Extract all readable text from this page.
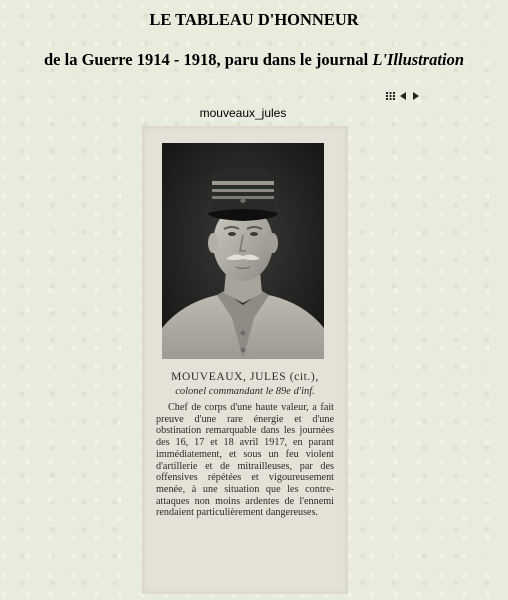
LE TABLEAU D'HONNEUR
de la Guerre 1914 - 1918, paru dans le journal L'Illustration
mouveaux_jules
MOUVEAUX, JULES (cit.),
colonel commandant le 89e d'inf.
Chef de corps d'une haute valeur, a fait preuve d'une rare énergie et d'une obstination remarquable dans les journées des 16, 17 et 18 avril 1917, en parant immédiatement, et sous un feu violent d'artillerie et de mitrailleuses, par des offensives répétées et vigoureusement menée, à une situation que les contre-attaques non moins ardentes de l'ennemi rendaient particulièrement dangereuses.
